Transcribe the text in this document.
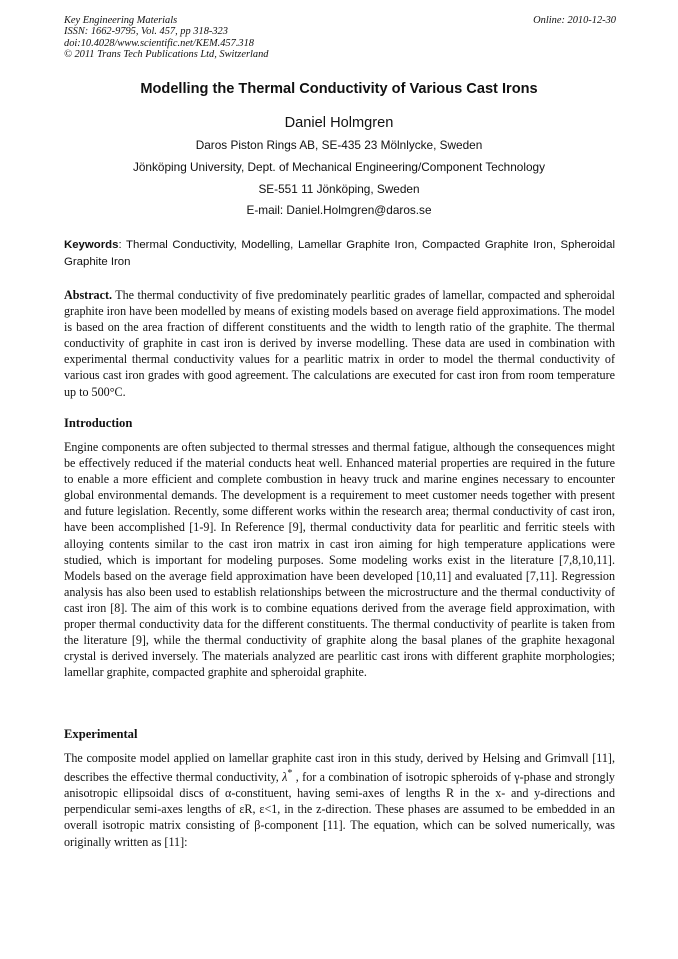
Key Engineering Materials
ISSN: 1662-9795, Vol. 457, pp 318-323
doi:10.4028/www.scientific.net/KEM.457.318
© 2011 Trans Tech Publications Ltd, Switzerland
Online: 2010-12-30
Modelling the Thermal Conductivity of Various Cast Irons
Daniel Holmgren
Daros Piston Rings AB, SE-435 23 Mölnlycke, Sweden
Jönköping University, Dept. of Mechanical Engineering/Component Technology
SE-551 11 Jönköping, Sweden
E-mail: Daniel.Holmgren@daros.se
Keywords: Thermal Conductivity, Modelling, Lamellar Graphite Iron, Compacted Graphite Iron, Spheroidal Graphite Iron

Abstract. The thermal conductivity of five predominately pearlitic grades of lamellar, compacted and spheroidal graphite iron have been modelled by means of existing models based on average field approximations. The model is based on the area fraction of different constituents and the width to length ratio of the graphite. The thermal conductivity of graphite in cast iron is derived by inverse modelling. These data are used in combination with experimental thermal conductivity values for a pearlitic matrix in order to model the thermal conductivity of various cast iron grades with good agreement. The calculations are executed for cast iron from room temperature up to 500°C.

Introduction

Engine components are often subjected to thermal stresses and thermal fatigue, although the consequences might be effectively reduced if the material conducts heat well. Enhanced material properties are required in the future to enable a more efficient and complete combustion in heavy truck and marine engines necessary to encounter global environmental demands. The development is a requirement to meet customer needs together with present and future legislation. Recently, some different works within the research area; thermal conductivity of cast iron, have been accomplished [1-9]. In Reference [9], thermal conductivity data for pearlitic and ferritic steels with alloying contents similar to the cast iron matrix in cast iron aiming for high temperature applications were studied, which is important for modeling purposes. Some modeling works exist in the literature [7,8,10,11]. Models based on the average field approximation have been developed [10,11] and evaluated [7,11]. Regression analysis has also been used to establish relationships between the microstructure and the thermal conductivity of cast iron [8]. The aim of this work is to combine equations derived from the average field approximation, with proper thermal conductivity data for the different constituents. The thermal conductivity of pearlite is taken from the literature [9], while the thermal conductivity of graphite along the basal planes of the graphite hexagonal crystal is derived inversely. The materials analyzed are pearlitic cast irons with different graphite morphologies; lamellar graphite, compacted graphite and spheroidal graphite.

Experimental

The composite model applied on lamellar graphite cast iron in this study, derived by Helsing and Grimvall [11], describes the effective thermal conductivity, λ* , for a combination of isotropic spheroids of γ-phase and strongly anisotropic ellipsoidal discs of α-constituent, having semi-axes of lengths R in the x- and y-directions and perpendicular semi-axes lengths of εR, ε<1, in the z-direction. These phases are assumed to be embedded in an overall isotropic matrix consisting of β-component [11]. The equation, which can be solved numerically, was originally written as [11]:
